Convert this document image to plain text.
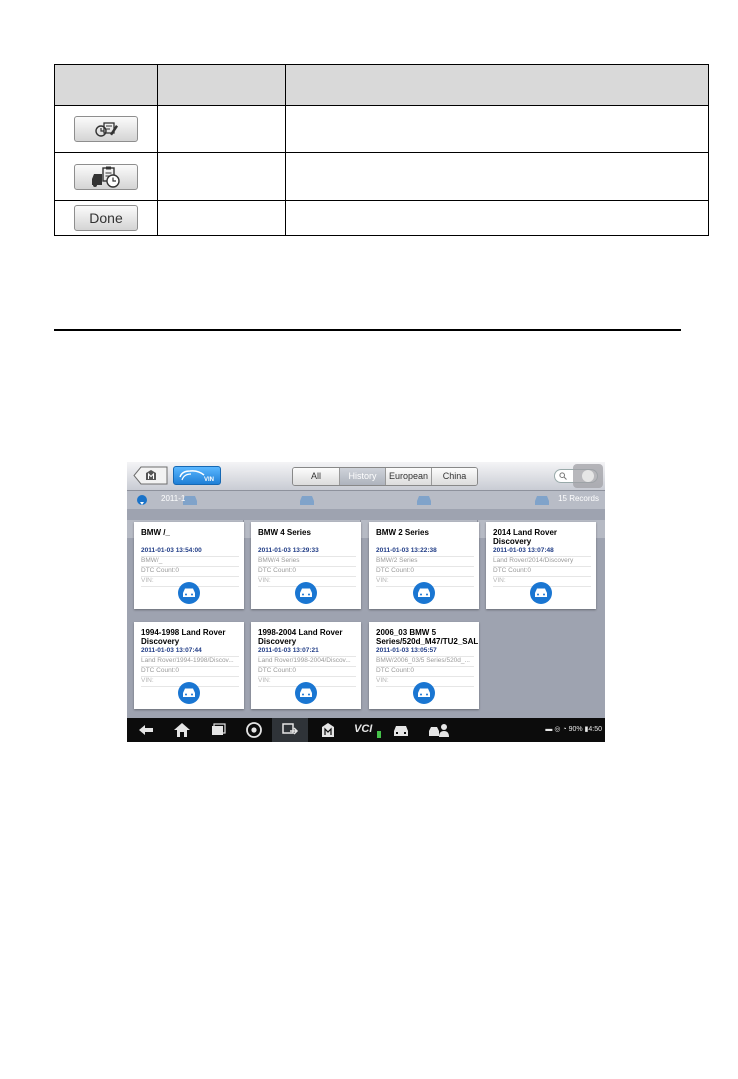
Done		
VIN	All	History	European	China
2011-1	15 Records
BMW /_
2011-01-03 13:54:00
BMW/_
DTC Count:0
VIN:
BMW 4 Series
2011-01-03 13:29:33
BMW/4 Series
DTC Count:0
VIN:
BMW 2 Series
2011-01-03 13:22:38
BMW/2 Series
DTC Count:0
VIN:
2014 Land Rover Discovery
2011-01-03 13:07:48
Land Rover/2014/Discovery
DTC Count:0
VIN:
1994-1998 Land Rover Discovery
2011-01-03 13:07:44
Land Rover/1994-1998/Discov...
DTC Count:0
VIN:
1998-2004 Land Rover Discovery
2011-01-03 13:07:21
Land Rover/1998-2004/Discov...
DTC Count:0
VIN:
2006_03 BMW 5 Series/520d_M47/TU2_SAL
2011-01-03 13:05:57
BMW/2006_03/5 Series/520d_...
DTC Count:0
VIN:
VCI	▬ ◎ ◔ 90% ▮4:50
